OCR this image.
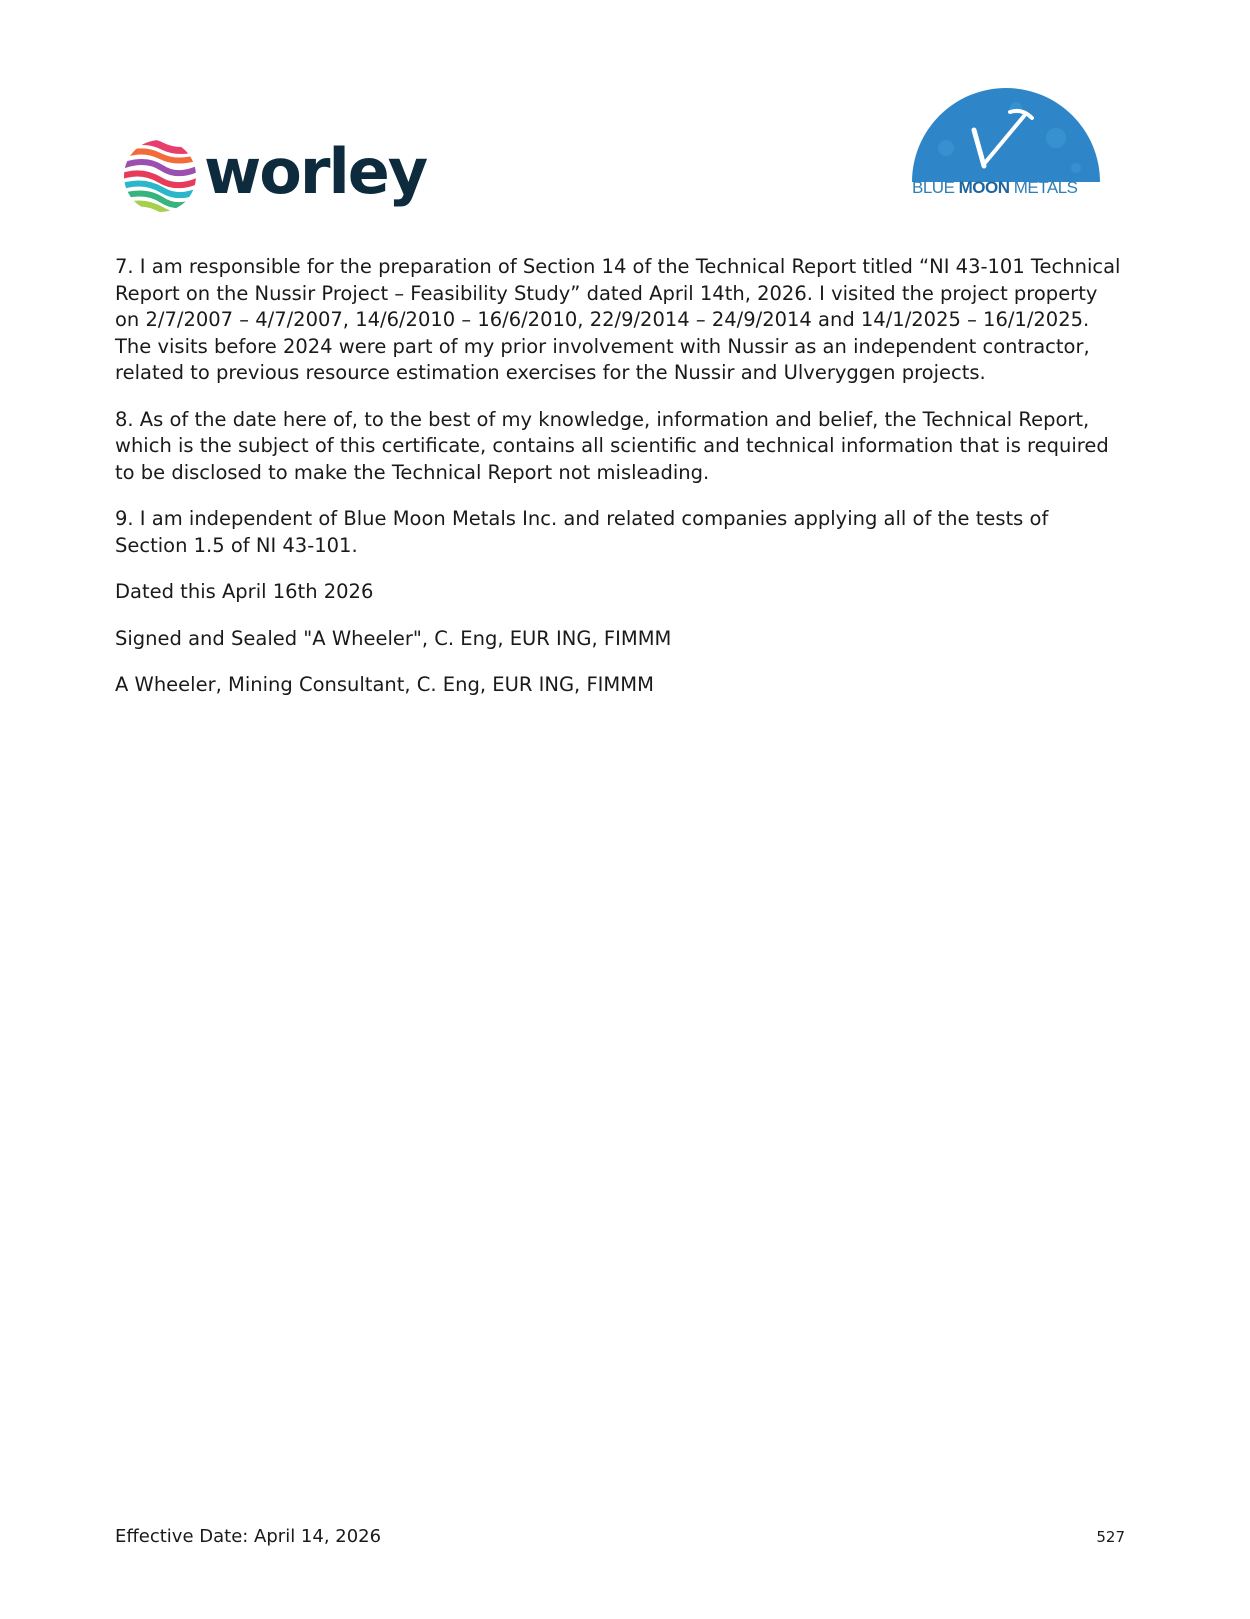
worley	BLUE MOON METALS

7. I am responsible for the preparation of Section 14 of the Technical Report titled “NI 43-101 Technical Report on the Nussir Project – Feasibility Study” dated April 14th, 2026. I visited the project property on 2/7/2007 – 4/7/2007, 14/6/2010 – 16/6/2010, 22/9/2014 – 24/9/2014 and 14/1/2025 – 16/1/2025. The visits before 2024 were part of my prior involvement with Nussir as an independent contractor, related to previous resource estimation exercises for the Nussir and Ulveryggen projects.

8. As of the date here of, to the best of my knowledge, information and belief, the Technical Report, which is the subject of this certificate, contains all scientific and technical information that is required to be disclosed to make the Technical Report not misleading.

9. I am independent of Blue Moon Metals Inc. and related companies applying all of the tests of Section 1.5 of NI 43-101.

Dated this April 16th 2026

Signed and Sealed "A Wheeler", C. Eng, EUR ING, FIMMM

A Wheeler, Mining Consultant, C. Eng, EUR ING, FIMMM

Effective Date: April 14, 2026	527
